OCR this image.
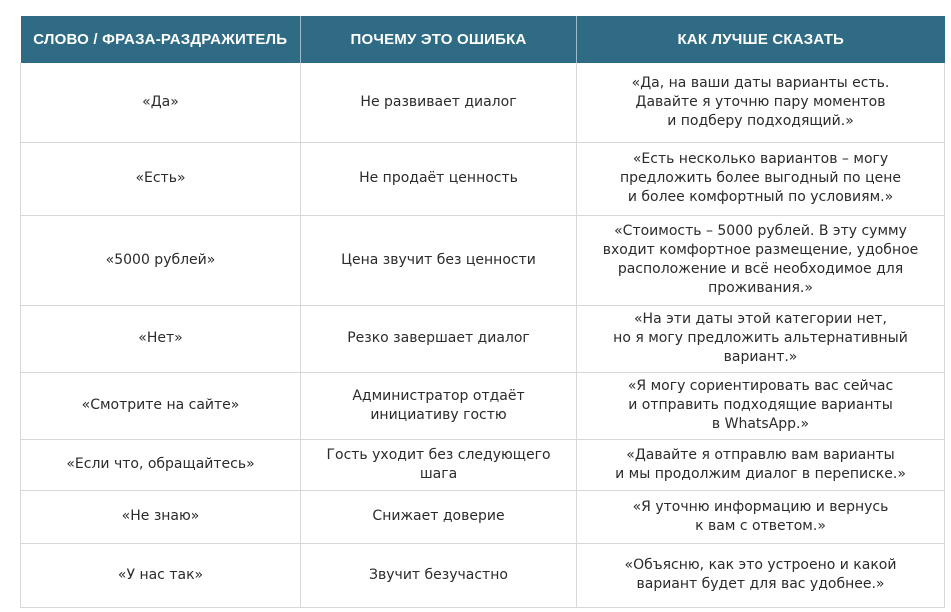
СЛОВО / ФРАЗА-РАЗДРАЖИТЕЛЬ	ПОЧЕМУ ЭТО ОШИБКА	КАК ЛУЧШЕ СКАЗАТЬ
«Да»	Не развивает диалог	«Да, на ваши даты варианты есть.
Давайте я уточню пару моментов
и подберу подходящий.»

«Есть»	Не продаёт ценность	«Есть несколько вариантов – могу
предложить более выгодный по цене
и более комфортный по условиям.»

«5000 рублей»	Цена звучит без ценности	«Стоимость – 5000 рублей. В эту сумму
входит комфортное размещение, удобное
расположение и всё необходимое для
проживания.»

«Нет»	Резко завершает диалог	«На эти даты этой категории нет,
но я могу предложить альтернативный
вариант.»

«Смотрите на сайте»	Администратор отдаёт
инициативу гостю	«Я могу сориентировать вас сейчас
и отправить подходящие варианты
в WhatsApp.»

«Если что, обращайтесь»	Гость уходит без следующего
шага	«Давайте я отправлю вам варианты
и мы продолжим диалог в переписке.»

«Не знаю»	Снижает доверие	«Я уточню информацию и вернусь
к вам с ответом.»

«У нас так»	Звучит безучастно	«Объясню, как это устроено и какой
вариант будет для вас удобнее.»
